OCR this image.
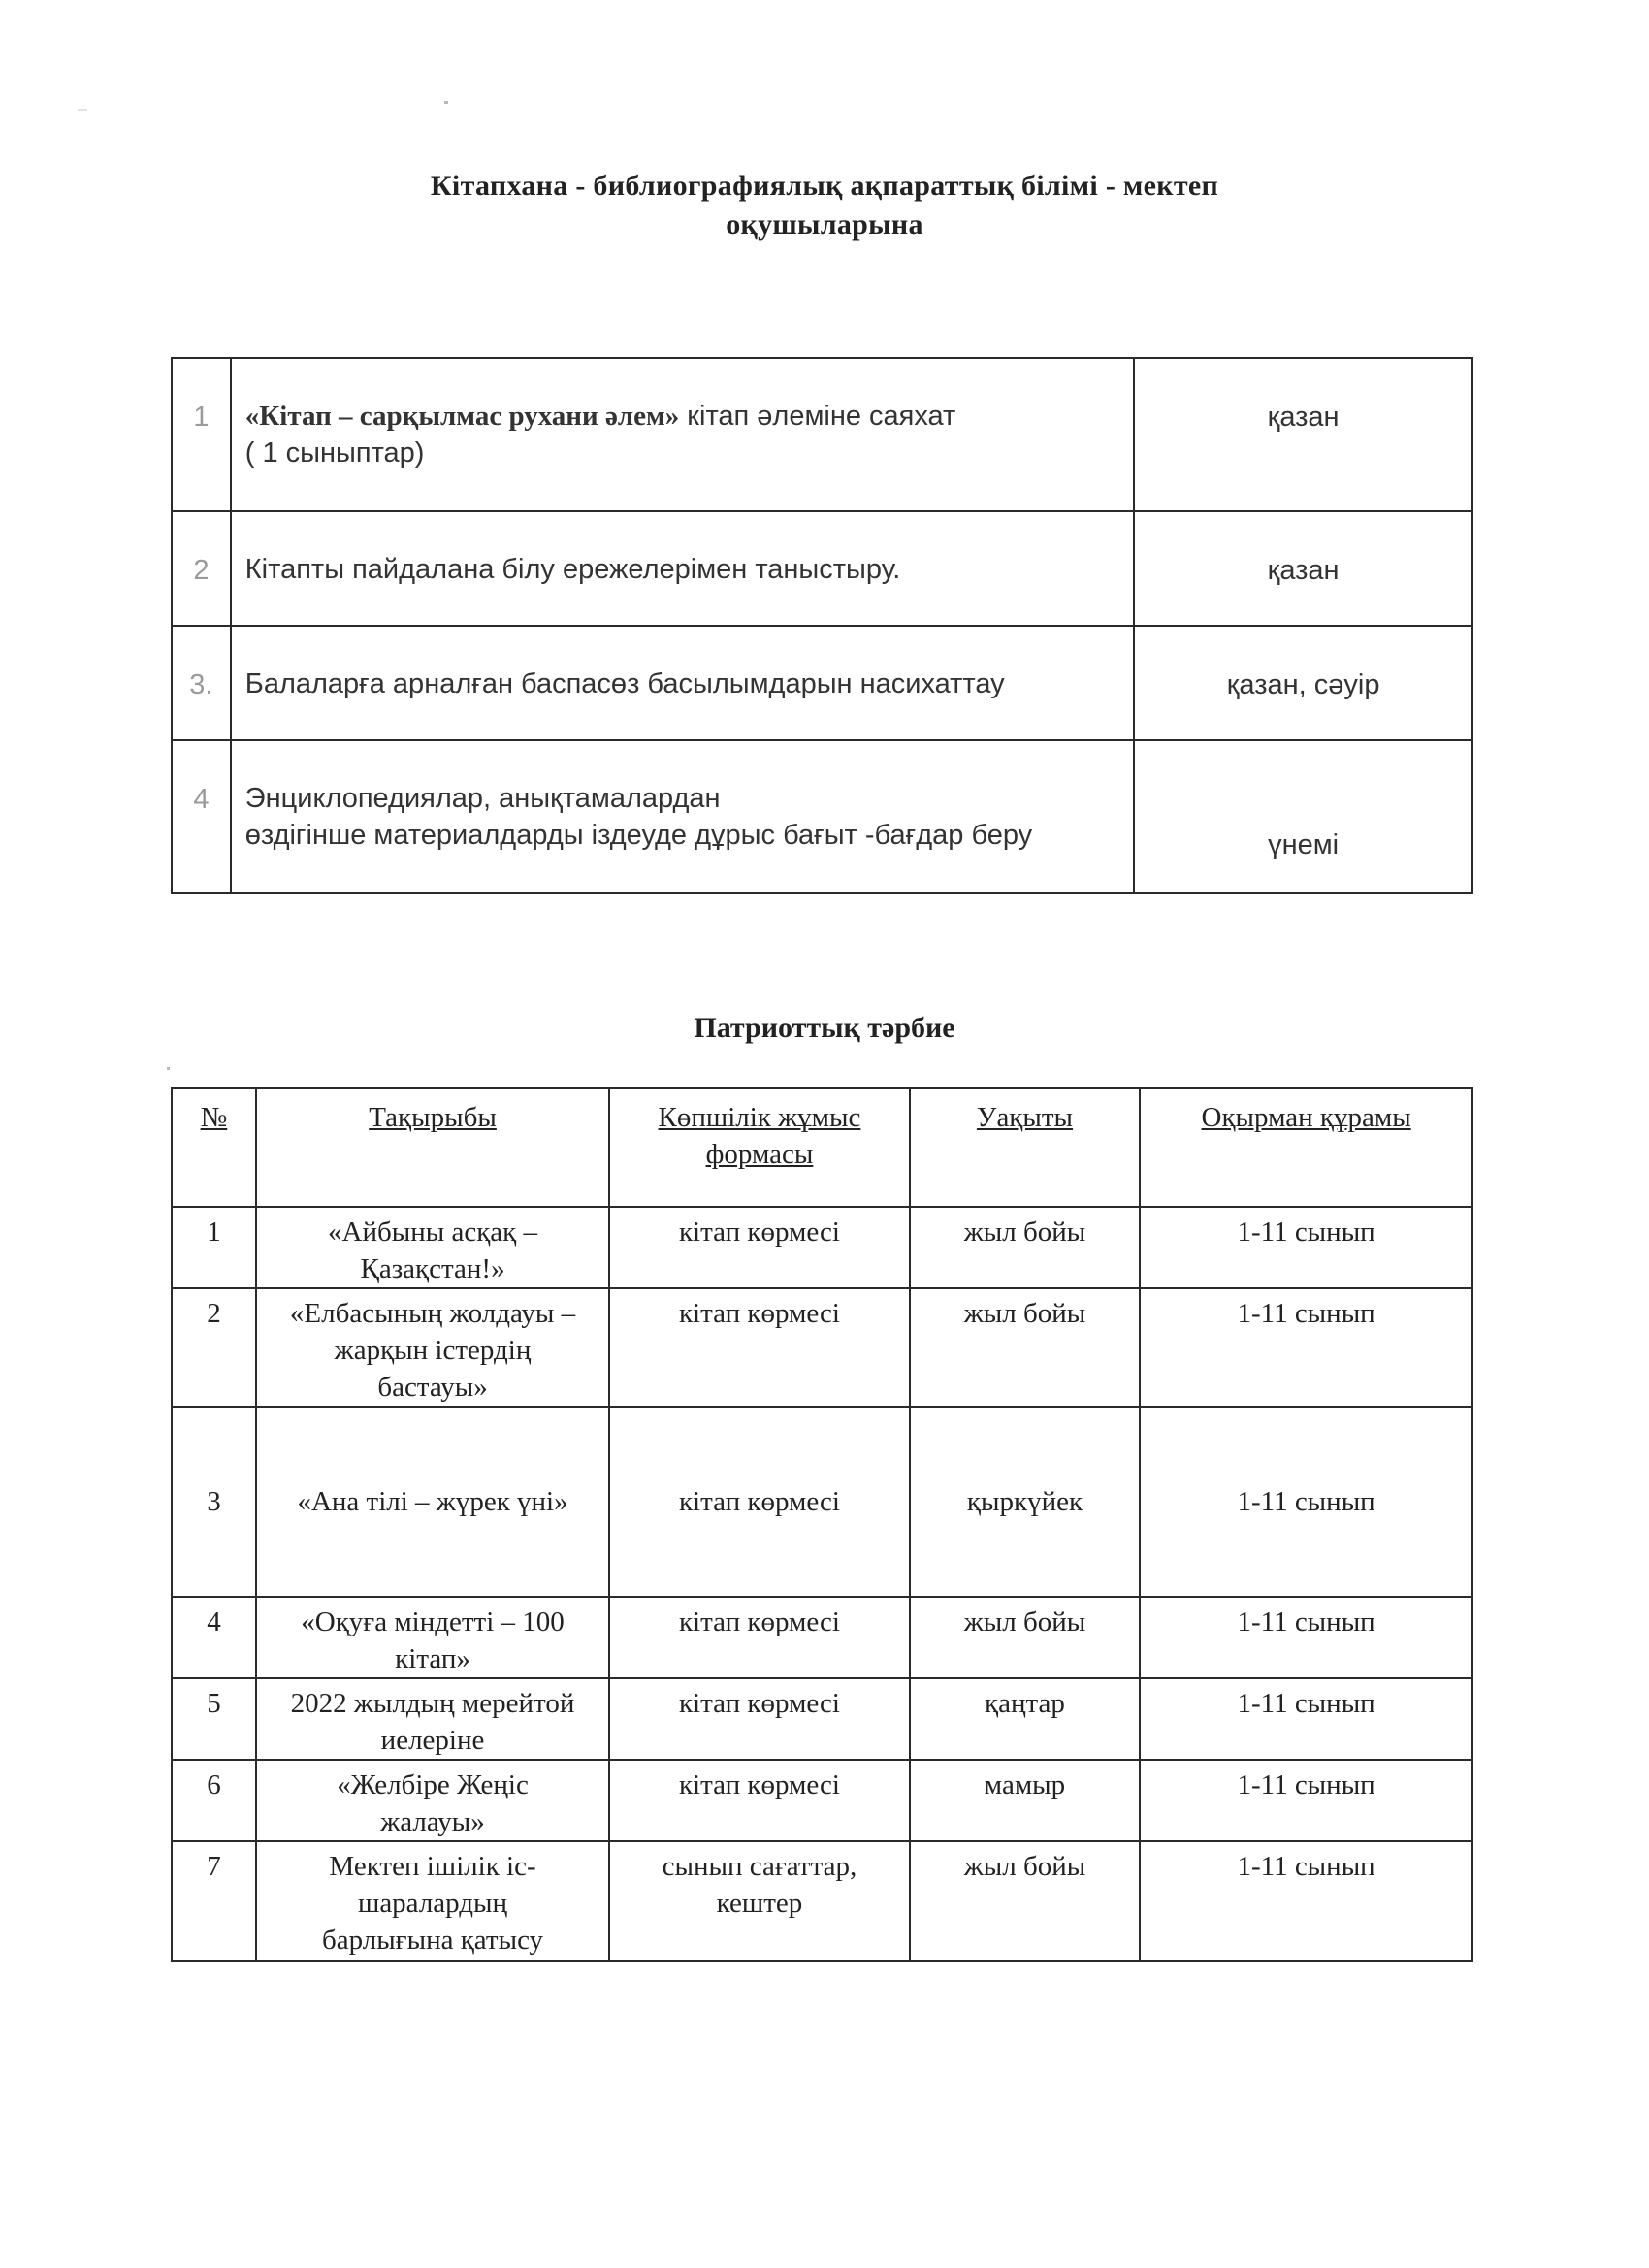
Кітапхана - библиографиялық ақпараттық білімі - мектеп
оқушыларына
1	«Кітап – сарқылмас рухани әлем» кітап әлеміне саяхат
( 1 сыныптар)	қазан
2	Кітапты пайдалана білу ережелерімен таныстыру.	қазан
3.	Балаларға арналған баспасөз басылымдарын насихаттау	қазан, сәуір
4	Энциклопедиялар, анықтамалардан
өздігінше материалдарды іздеуде дұрыс бағыт -бағдар беру	үнемі
Патриоттық тәрбие
№	Тақырыбы	Көпшілік жұмыс формасы	Уақыты	Оқырман құрамы
1	«Айбыны асқақ –
Қазақстан!»	кітап көрмесі	жыл бойы	1-11 сынып
2	«Елбасының жолдауы –
жарқын істердің
бастауы»	кітап көрмесі	жыл бойы	1-11 сынып
3	«Ана тілі – жүрек үні»	кітап көрмесі	қыркүйек	1-11 сынып
4	«Оқуға міндетті – 100
кітап»	кітап көрмесі	жыл бойы	1-11 сынып
5	2022 жылдың мерейтой
иелеріне	кітап көрмесі	қаңтар	1-11 сынып
6	«Желбіре Жеңіс
жалауы»	кітап көрмесі	мамыр	1-11 сынып
7	Мектеп ішілік іс-
шаралардың
барлығына қатысу	сынып сағаттар,
кештер	жыл бойы	1-11 сынып
